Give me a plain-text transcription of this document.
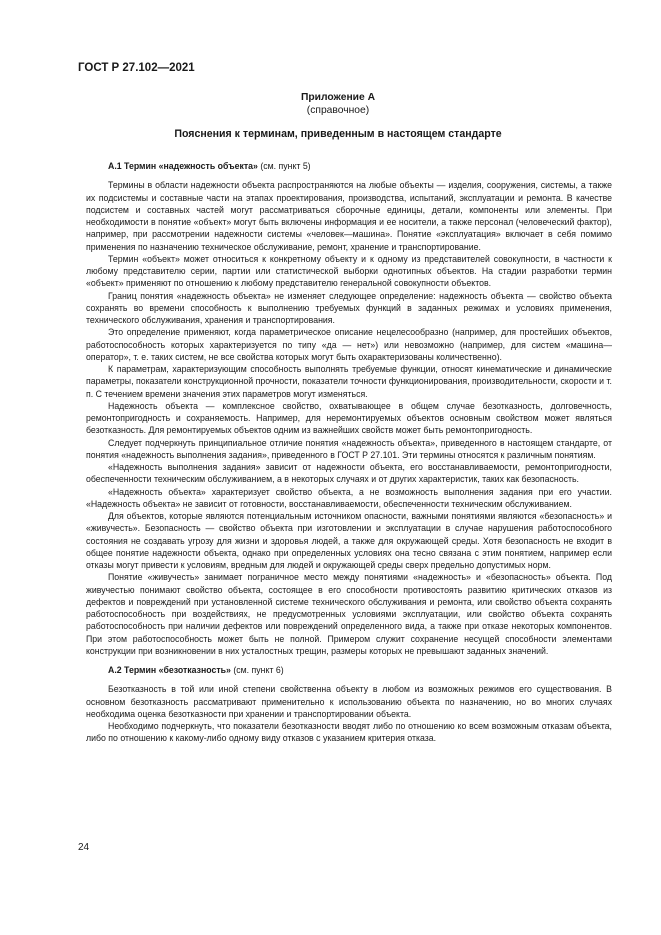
ГОСТ Р 27.102—2021
Приложение А
(справочное)
Пояснения к терминам, приведенным в настоящем стандарте

А.1 Термин «надежность объекта» (см. пункт 5)

Термины в области надежности объекта распространяются на любые объекты — изделия, сооружения, системы, а также их подсистемы и составные части на этапах проектирования, производства, испытаний, эксплуатации и ремонта. В качестве подсистем и составных частей могут рассматриваться сборочные единицы, детали, компоненты или элементы. При необходимости в понятие «объект» могут быть включены информация и ее носители, а также персонал (человеческий фактор), например, при рассмотрении надежности системы «человек—машина». Понятие «эксплуатация» включает в себя помимо применения по назначению техническое обслуживание, ремонт, хранение и транспортирование.

Термин «объект» может относиться к конкретному объекту и к одному из представителей совокупности, в частности к любому представителю серии, партии или статистической выборки однотипных объектов. На стадии разработки термин «объект» применяют по отношению к любому представителю генеральной совокупности объектов.

Границ понятия «надежность объекта» не изменяет следующее определение: надежность объекта — свойство объекта сохранять во времени способность к выполнению требуемых функций в заданных режимах и условиях применения, технического обслуживания, хранения и транспортирования.

Это определение применяют, когда параметрическое описание нецелесообразно (например, для простейших объектов, работоспособность которых характеризуется по типу «да — нет») или невозможно (например, для систем «машина—оператор», т. е. таких систем, не все свойства которых могут быть охарактеризованы количественно).

К параметрам, характеризующим способность выполнять требуемые функции, относят кинематические и динамические параметры, показатели конструкционной прочности, показатели точности функционирования, производительности, скорости и т. п. С течением времени значения этих параметров могут изменяться.

Надежность объекта — комплексное свойство, охватывающее в общем случае безотказность, долговечность, ремонтопригодность и сохраняемость. Например, для неремонтируемых объектов основным свойством может являться безотказность. Для ремонтируемых объектов одним из важнейших свойств может быть ремонтопригодность.

Следует подчеркнуть принципиальное отличие понятия «надежность объекта», приведенного в настоящем стандарте, от понятия «надежность выполнения задания», приведенного в ГОСТ Р 27.101. Эти термины относятся к различным понятиям.

«Надежность выполнения задания» зависит от надежности объекта, его восстанавливаемости, ремонтопригодности, обеспеченности техническим обслуживанием, а в некоторых случаях и от других характеристик, таких как безопасность.

«Надежность объекта» характеризует свойство объекта, а не возможность выполнения задания при его участии. «Надежность объекта» не зависит от готовности, восстанавливаемости, обеспеченности техническим обслуживанием.

Для объектов, которые являются потенциальным источником опасности, важными понятиями являются «безопасность» и «живучесть». Безопасность — свойство объекта при изготовлении и эксплуатации в случае нарушения работоспособного состояния не создавать угрозу для жизни и здоровья людей, а также для окружающей среды. Хотя безопасность не входит в общее понятие надежности объекта, однако при определенных условиях она тесно связана с этим понятием, например если отказы могут привести к условиям, вредным для людей и окружающей среды сверх предельно допустимых норм.

Понятие «живучесть» занимает пограничное место между понятиями «надежность» и «безопасность» объекта. Под живучестью понимают свойство объекта, состоящее в его способности противостоять развитию критических отказов из дефектов и повреждений при установленной системе технического обслуживания и ремонта, или свойство объекта сохранять работоспособность при воздействиях, не предусмотренных условиями эксплуатации, или свойство объекта сохранять работоспособность при наличии дефектов или повреждений определенного вида, а также при отказе некоторых компонентов. При этом работоспособность может быть не полной. Примером служит сохранение несущей способности элементами конструкции при возникновении в них усталостных трещин, размеры которых не превышают заданных значений.

А.2 Термин «безотказность» (см. пункт 6)

Безотказность в той или иной степени свойственна объекту в любом из возможных режимов его существования. В основном безотказность рассматривают применительно к использованию объекта по назначению, но во многих случаях необходима оценка безотказности при хранении и транспортировании объекта.

Необходимо подчеркнуть, что показатели безотказности вводят либо по отношению ко всем возможным отказам объекта, либо по отношению к какому-либо одному виду отказов с указанием критерия отказа.

24
